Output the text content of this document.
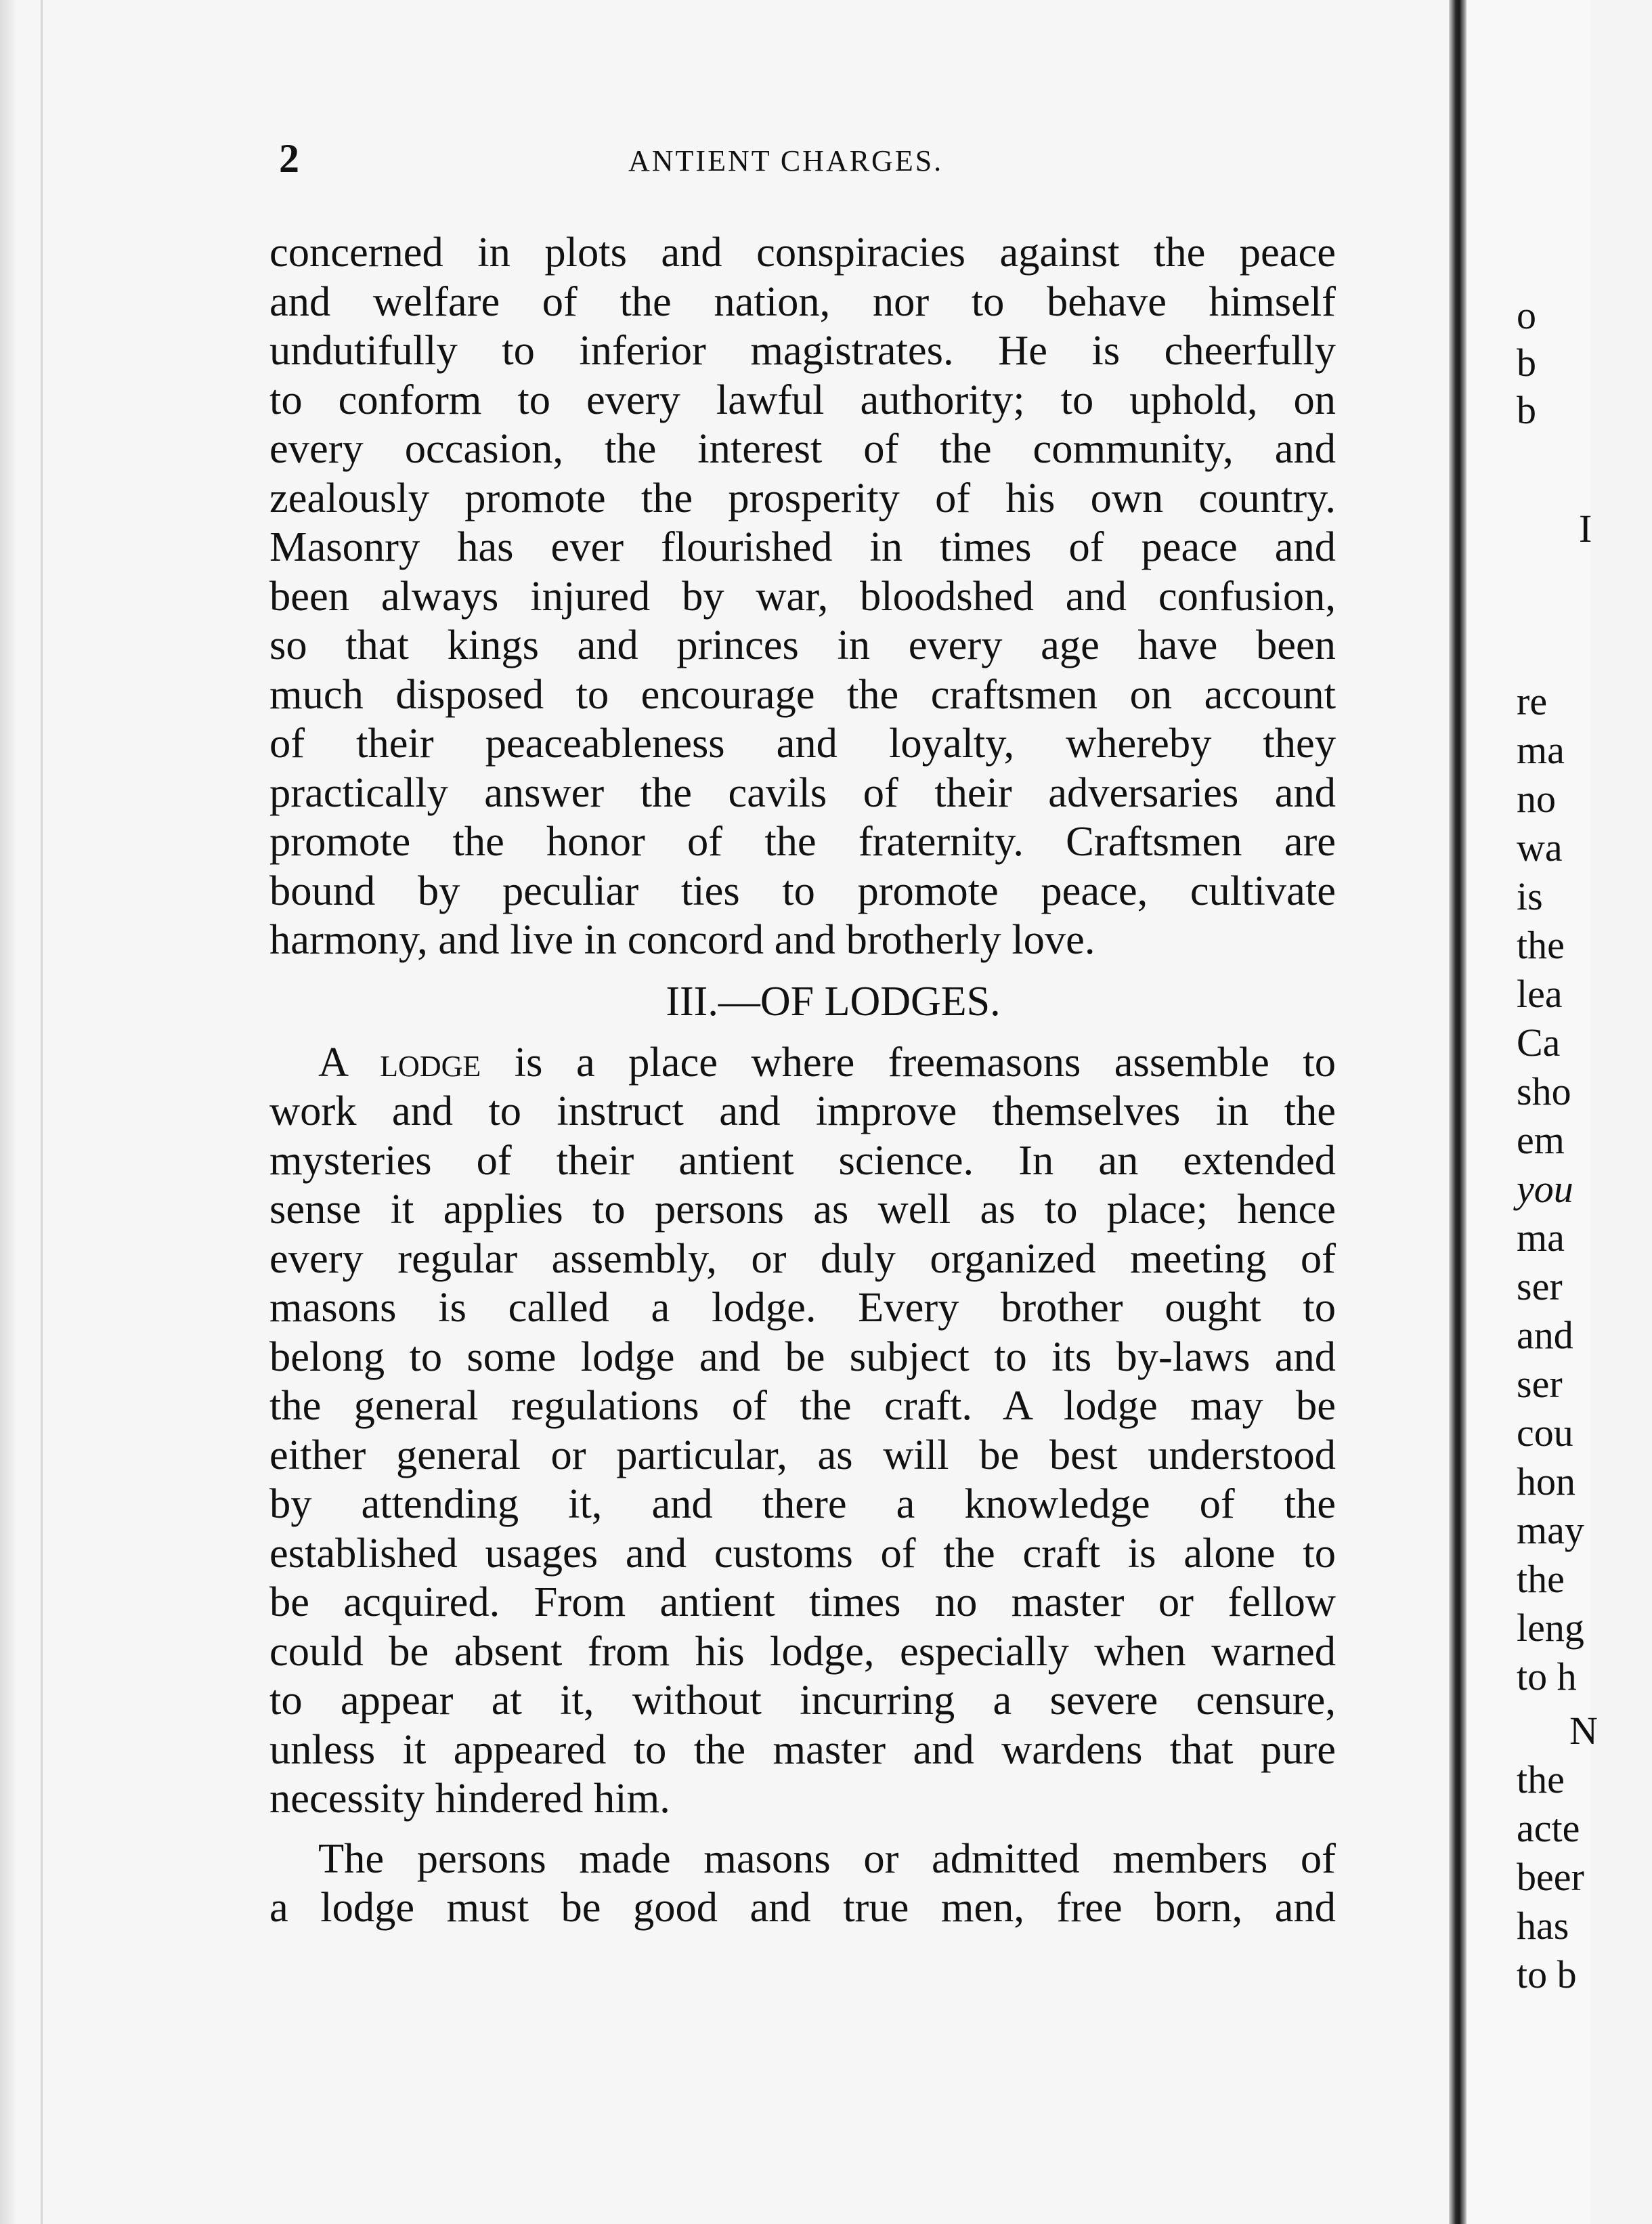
2	ANTIENT CHARGES.
concerned in plots and conspiracies against the peace
and welfare of the nation, nor to behave himself
undutifully to inferior magistrates. He is cheerfully
to conform to every lawful authority; to uphold, on
every occasion, the interest of the community, and
zealously promote the prosperity of his own country.
Masonry has ever flourished in times of peace and
been always injured by war, bloodshed and confusion,
so that kings and princes in every age have been
much disposed to encourage the craftsmen on account
of their peaceableness and loyalty, whereby they
practically answer the cavils of their adversaries and
promote the honor of the fraternity. Craftsmen are
bound by peculiar ties to promote peace, cultivate
harmony, and live in concord and brotherly love.
III.—OF LODGES.
A lodge is a place where freemasons assemble to
work and to instruct and improve themselves in the
mysteries of their antient science. In an extended
sense it applies to persons as well as to place; hence
every regular assembly, or duly organized meeting of
masons is called a lodge. Every brother ought to
belong to some lodge and be subject to its by-laws and
the general regulations of the craft. A lodge may be
either general or particular, as will be best understood
by attending it, and there a knowledge of the
established usages and customs of the craft is alone to
be acquired. From antient times no master or fellow
could be absent from his lodge, especially when warned
to appear at it, without incurring a severe censure,
unless it appeared to the master and wardens that pure
necessity hindered him.
The persons made masons or admitted members of
a lodge must be good and true men, free born, and
o
b
b
I
re
ma
no
wa
is
the
lea
Ca
sho
em
you
ma
ser
and
ser
cou
hon
may
the
leng
to h
N
the
acte
beer
has
to b
